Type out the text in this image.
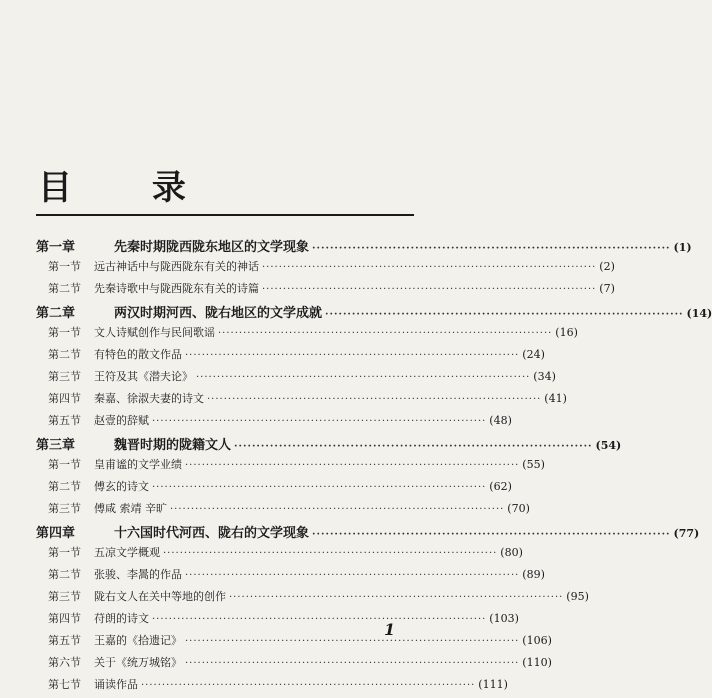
目 录
第一章	先秦时期陇西陇东地区的文学现象 ················································································ (1)
第一节	远古神话中与陇西陇东有关的神话 ················································································ (2)
第二节	先秦诗歌中与陇西陇东有关的诗篇 ················································································ (7)
第二章	两汉时期河西、陇右地区的文学成就 ················································································ (14)
第一节	文人诗赋创作与民间歌谣 ················································································ (16)
第二节	有特色的散文作品 ················································································ (24)
第三节	王符及其《潜夫论》 ················································································ (34)
第四节	秦嘉、徐淑夫妻的诗文 ················································································ (41)
第五节	赵壹的辞赋 ················································································ (48)
第三章	魏晋时期的陇籍文人 ················································································ (54)
第一节	皇甫谧的文学业绩 ················································································ (55)
第二节	傅玄的诗文 ················································································ (62)
第三节	傅咸 索靖 辛旷 ················································································ (70)
第四章	十六国时代河西、陇右的文学现象 ················································································ (77)
第一节	五凉文学概观 ················································································ (80)
第二节	张骏、李暠的作品 ················································································ (89)
第三节	陇右文人在关中等地的创作 ················································································ (95)
第四节	苻朗的诗文 ················································································ (103)
第五节	王嘉的《拾遗记》 ················································································ (106)
第六节	关于《统万城铭》 ················································································ (110)
第七节	诵读作品 ················································································ (111)
1
